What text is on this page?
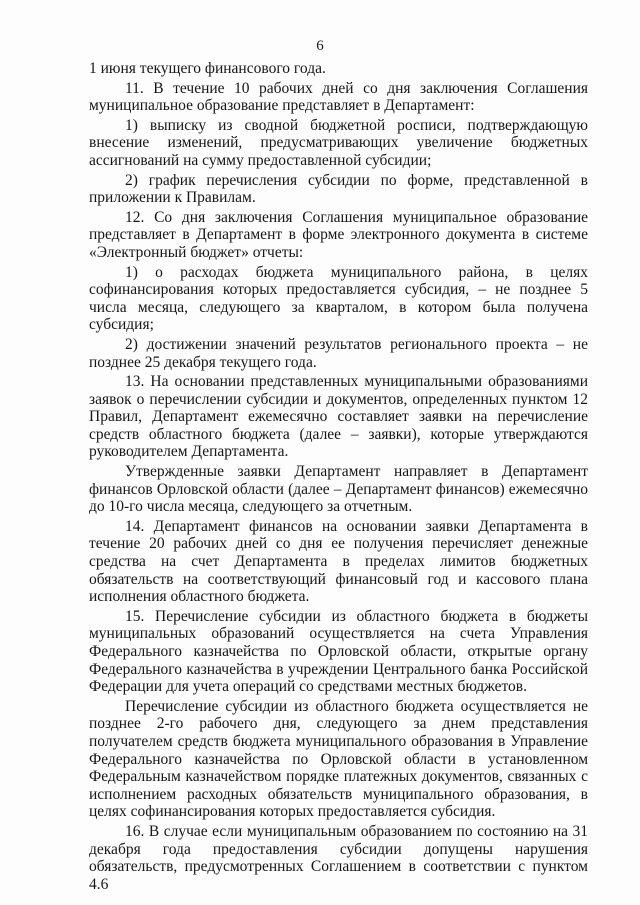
6

1 июня текущего финансового года.

11. В течение 10 рабочих дней со дня заключения Соглашения муниципальное образование представляет в Департамент:

1) выписку из сводной бюджетной росписи, подтверждающую внесение изменений, предусматривающих увеличение бюджетных ассигнований на сумму предоставленной субсидии;

2) график перечисления субсидии по форме, представленной в приложении к Правилам.

12. Со дня заключения Соглашения муниципальное образование представляет в Департамент в форме электронного документа в системе «Электронный бюджет» отчеты:

1) о расходах бюджета муниципального района, в целях софинансирования которых предоставляется субсидия, – не позднее 5 числа месяца, следующего за кварталом, в котором была получена субсидия;

2) достижении значений результатов регионального проекта – не позднее 25 декабря текущего года.

13. На основании представленных муниципальными образованиями заявок о перечислении субсидии и документов, определенных пунктом 12 Правил, Департамент ежемесячно составляет заявки на перечисление средств областного бюджета (далее – заявки), которые утверждаются руководителем Департамента.

Утвержденные заявки Департамент направляет в Департамент финансов Орловской области (далее – Департамент финансов) ежемесячно до 10-го числа месяца, следующего за отчетным.

14. Департамент финансов на основании заявки Департамента в течение 20 рабочих дней со дня ее получения перечисляет денежные средства на счет Департамента в пределах лимитов бюджетных обязательств на соответствующий финансовый год и кассового плана исполнения областного бюджета.

15. Перечисление субсидии из областного бюджета в бюджеты муниципальных образований осуществляется на счета Управления Федерального казначейства по Орловской области, открытые органу Федерального казначейства в учреждении Центрального банка Российской Федерации для учета операций со средствами местных бюджетов.

Перечисление субсидии из областного бюджета осуществляется не позднее 2-го рабочего дня, следующего за днем представления получателем средств бюджета муниципального образования в Управление Федерального казначейства по Орловской области в установленном Федеральным казначейством порядке платежных документов, связанных с исполнением расходных обязательств муниципального образования, в целях софинансирования которых предоставляется субсидия.

16. В случае если муниципальным образованием по состоянию на 31 декабря года предоставления субсидии допущены нарушения обязательств, предусмотренных Соглашением в соответствии с пунктом 4.6
